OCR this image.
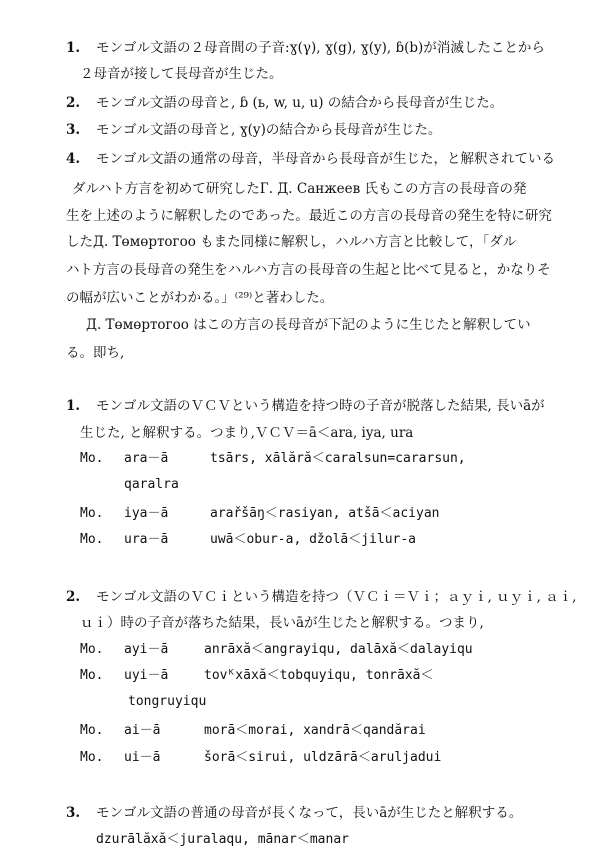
1. モンゴル文語の２母音間の子音:ɣ(γ), ɣ(g), ɣ(y), ɓ(b)が消滅したことから
２母音が接して長母音が生じた。
2. モンゴル文語の母音と, ɓ (ь, w, u, u) の結合から長母音が生じた。
3. モンゴル文語の母音と, ɣ(y)の結合から長母音が生じた。
4. モンゴル文語の通常の母音，半母音から長母音が生じた，と解釈されている
ダルハト方言を初めて研究したГ. Д. Санжеев 氏もこの方言の長母音の発
生を上述のように解釈したのであった。最近この方言の長母音の発生を特に研究
したД. Төмөртогоо もまた同様に解釈し，ハルハ方言と比較して，「ダル
ハト方言の長母音の発生をハルハ方言の長母音の生起と比べて見ると，かなりそ
の幅が広いことがわかる。」⁽²⁹⁾と著わした。
Д. Төмөртогоо はこの方言の長母音が下記のように生じたと解釈してい
る。即ち,
1. モンゴル文語のＶＣＶという構造を持つ時の子音が脱落した結果, 長いāが
生じた, と解釈する。つまり,ＶＣＶ＝ā＜ara, iya, ura
Mo. ara－ā	tsārs, xālără＜caralsun=cararsun,
qaralra
Mo. iya－ā	arařšāŋ＜rasiyan, atšā＜aciyan
Mo. ura－ā	uwā＜obur-a, džolā＜jilur-a
2. モンゴル文語のＶＣｉという構造を持つ（ＶＣｉ＝Ｖｉ；ａｙｉ, ｕｙｉ, ａｉ,
ｕｉ）時の子音が落ちた結果，長いāが生じたと解釈する。つまり,
Mo. ayi－ā	anrāxă＜angrayiqu, dalāxă＜dalayiqu
Mo. uyi－ā	tovᴷxāxă＜tobquyiqu, tonrāxă＜
tongruyiqu
Mo. ai－ā	morā＜morai, xandrā＜qandărai
Mo. ui－ā	šorā＜sirui, uldzārā＜aruljadui
3. モンゴル文語の普通の母音が長くなって，長いāが生じたと解釈する。
dzurālăxă＜juralaqu, mānar＜manar
